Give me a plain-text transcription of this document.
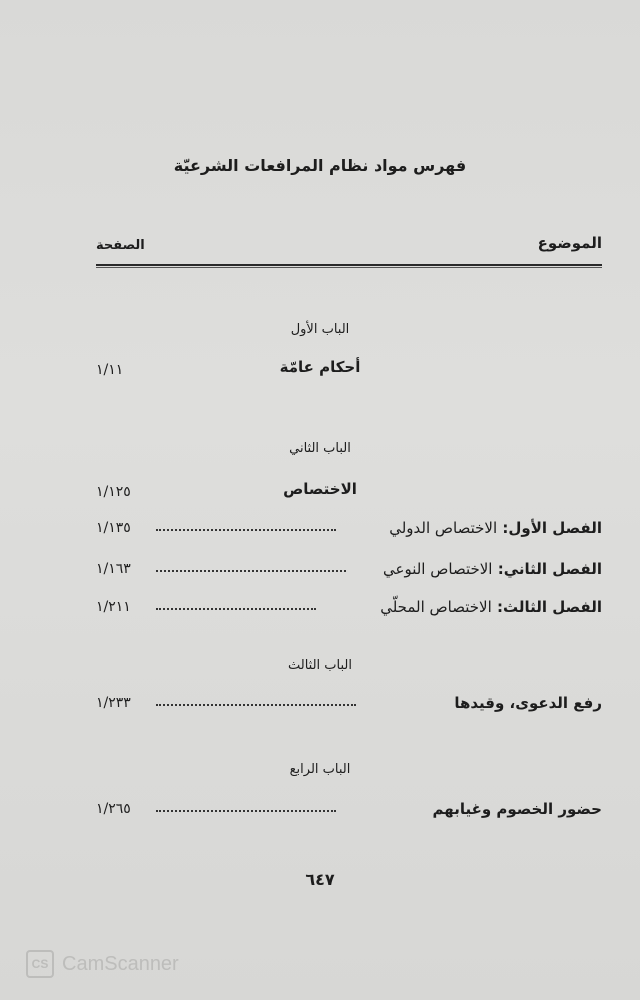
فهرس مواد نظام المرافعات الشرعيّة
الموضوع
الصفحة
الباب الأول
أحكام عامّة
١/١١
الباب الثاني
الاختصاص
١/١٢٥
الفصل الأول: الاختصاص الدولي
١/١٣٥
الفصل الثاني: الاختصاص النوعي
١/١٦٣
الفصل الثالث: الاختصاص المحلّي
١/٢١١
الباب الثالث
رفع الدعوى، وقيدها
١/٢٣٣
الباب الرابع
حضور الخصوم وغيابهم
١/٢٦٥
٦٤٧
CS CamScanner
